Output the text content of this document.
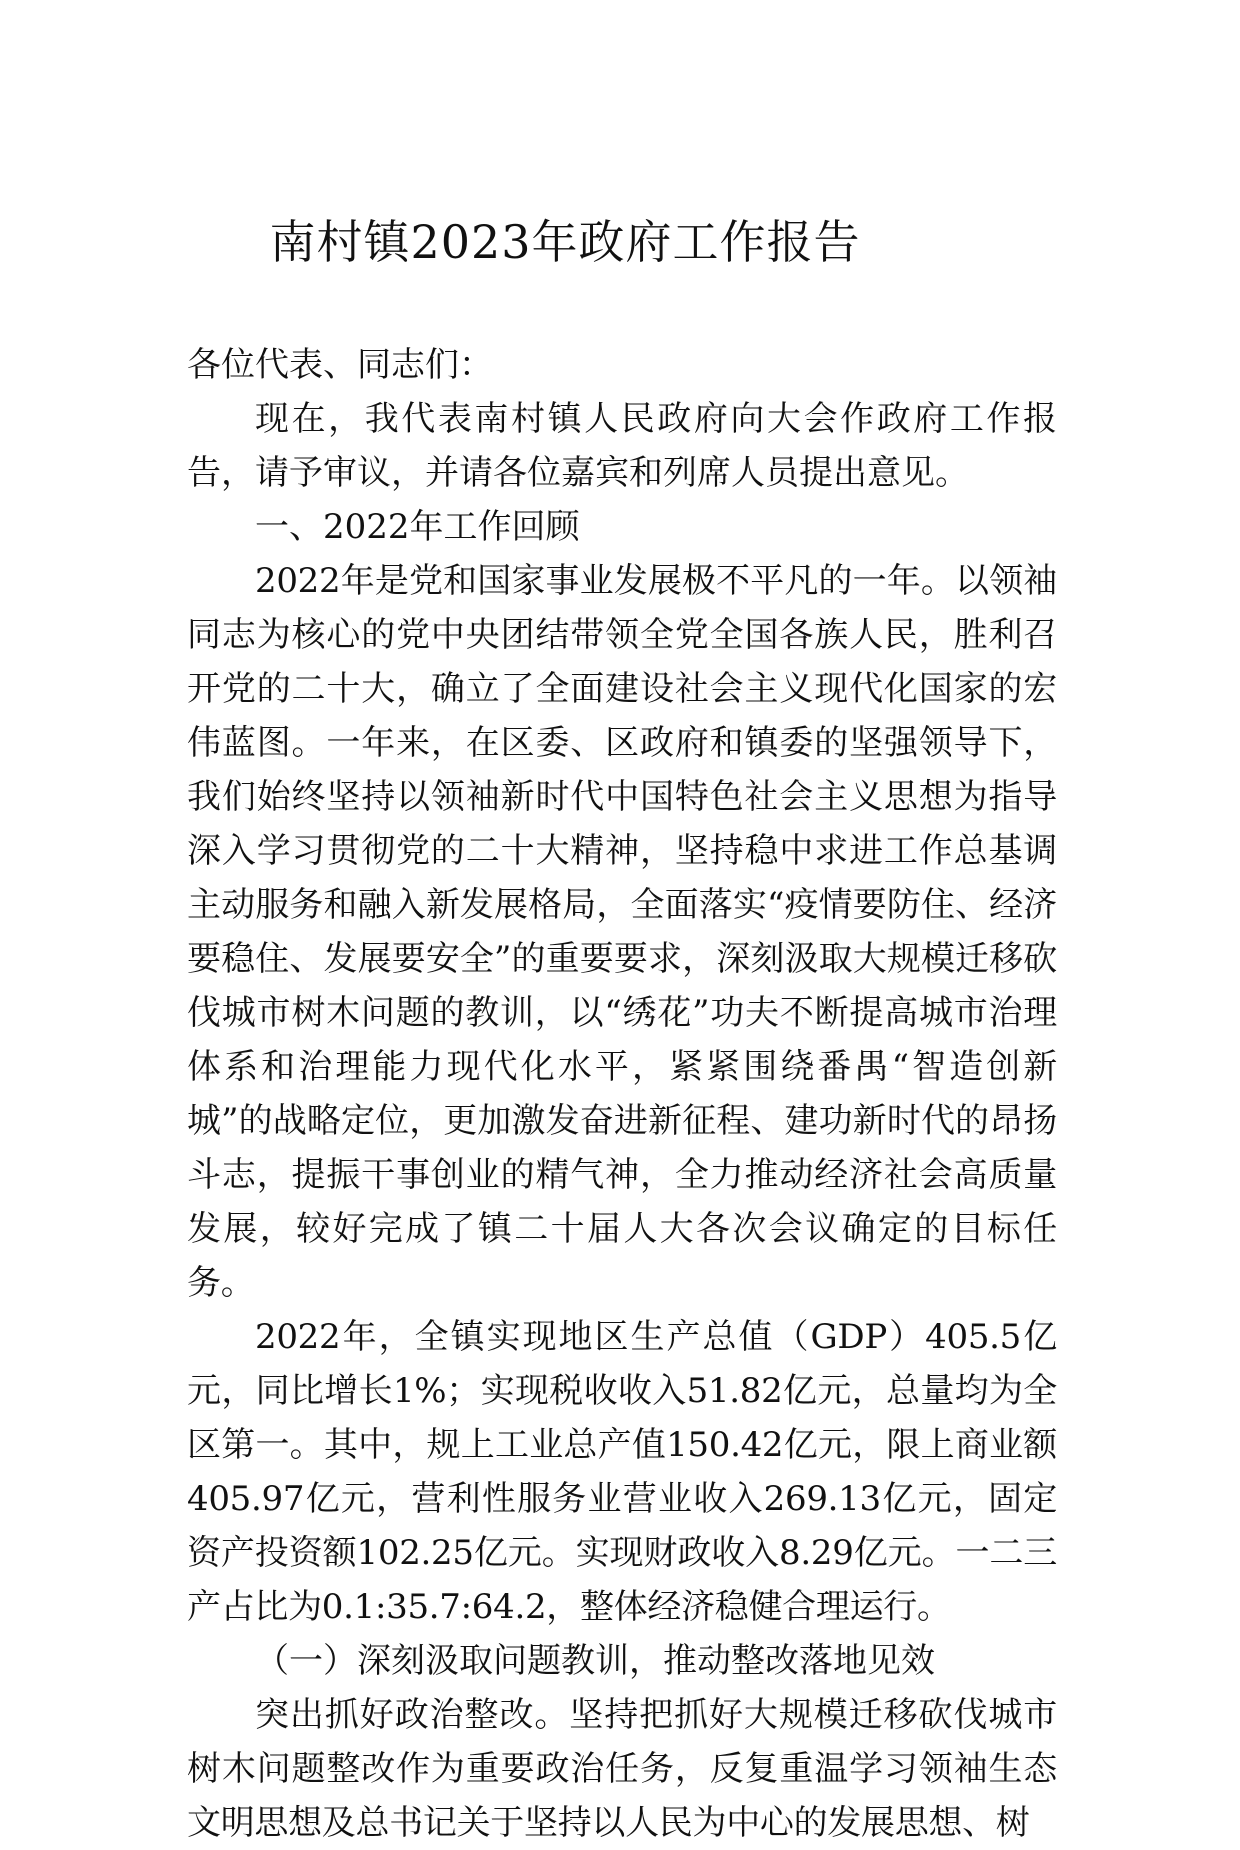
南村镇2023年政府工作报告

各位代表、同志们：

现在，我代表南村镇人民政府向大会作政府工作报告，请予审议，并请各位嘉宾和列席人员提出意见。

一、2022年工作回顾

2022年是党和国家事业发展极不平凡的一年。以领袖同志为核心的党中央团结带领全党全国各族人民，胜利召开党的二十大，确立了全面建设社会主义现代化国家的宏伟蓝图。一年来，在区委、区政府和镇委的坚强领导下，我们始终坚持以领袖新时代中国特色社会主义思想为指导深入学习贯彻党的二十大精神，坚持稳中求进工作总基调主动服务和融入新发展格局，全面落实“疫情要防住、经济要稳住、发展要安全”的重要要求，深刻汲取大规模迁移砍伐城市树木问题的教训，以“绣花”功夫不断提高城市治理体系和治理能力现代化水平，紧紧围绕番禺“智造创新城”的战略定位，更加激发奋进新征程、建功新时代的昂扬斗志，提振干事创业的精气神，全力推动经济社会高质量发展，较好完成了镇二十届人大各次会议确定的目标任务。

2022年，全镇实现地区生产总值（GDP）405.5亿元，同比增长1%；实现税收收入51.82亿元，总量均为全区第一。其中，规上工业总产值150.42亿元，限上商业额405.97亿元，营利性服务业营业收入269.13亿元，固定资产投资额102.25亿元。实现财政收入8.29亿元。一二三产占比为0.1:35.7:64.2，整体经济稳健合理运行。

（一）深刻汲取问题教训，推动整改落地见效

突出抓好政治整改。坚持把抓好大规模迁移砍伐城市树木问题整改作为重要政治任务，反复重温学习领袖生态文明思想及总书记关于坚持以人民为中心的发展思想、树
